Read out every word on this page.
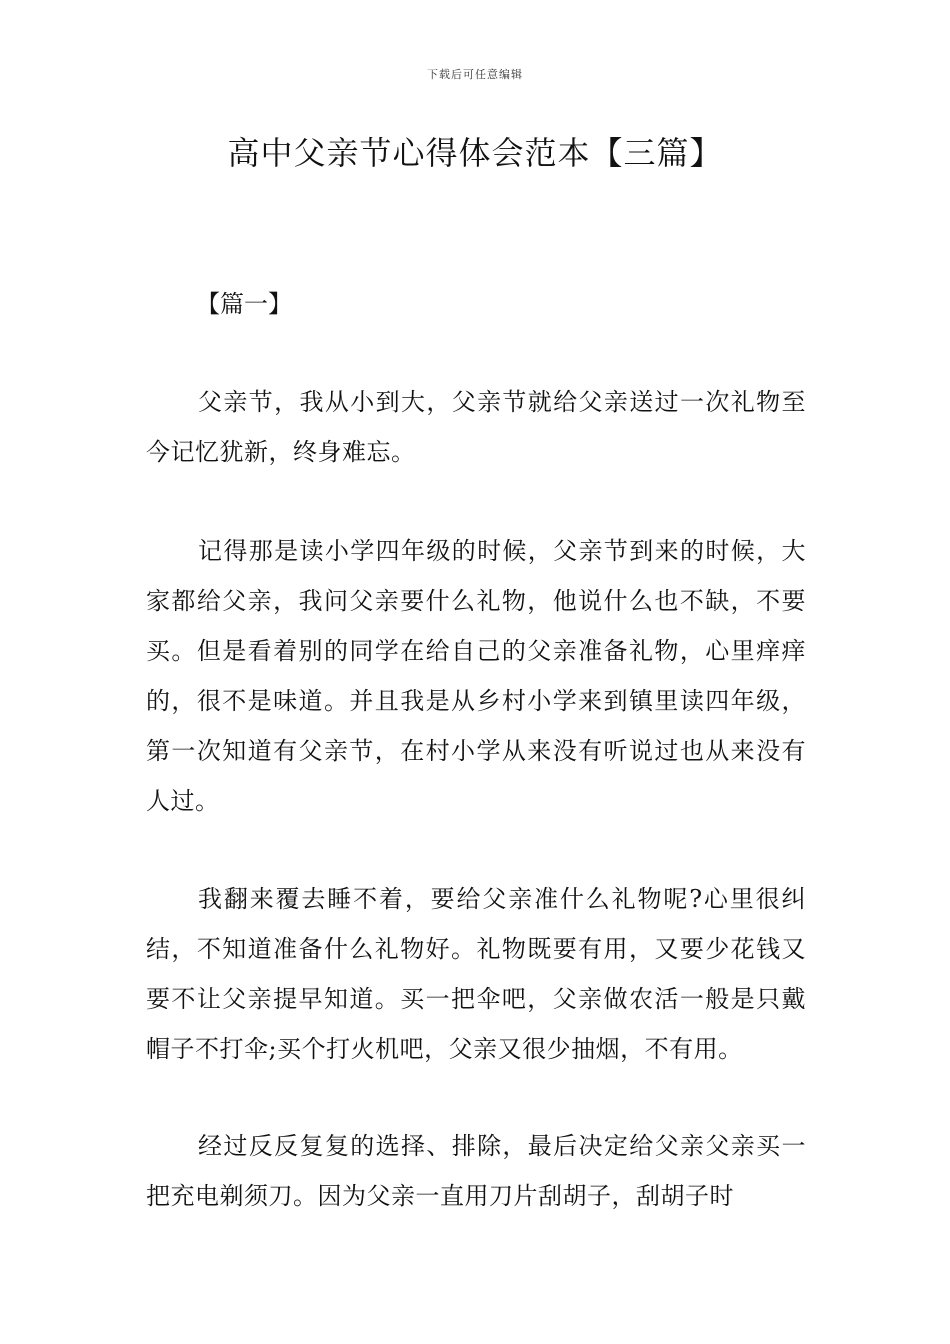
下载后可任意编辑
高中父亲节心得体会范本【三篇】

【篇一】

父亲节，我从小到大，父亲节就给父亲送过一次礼物至今记忆犹新，终身难忘。

记得那是读小学四年级的时候，父亲节到来的时候，大家都给父亲，我问父亲要什么礼物，他说什么也不缺，不要买。但是看着别的同学在给自己的父亲准备礼物，心里痒痒的，很不是味道。并且我是从乡村小学来到镇里读四年级，第一次知道有父亲节，在村小学从来没有听说过也从来没有人过。

我翻来覆去睡不着，要给父亲准什么礼物呢?心里很纠结，不知道准备什么礼物好。礼物既要有用，又要少花钱又要不让父亲提早知道。买一把伞吧，父亲做农活一般是只戴帽子不打伞;买个打火机吧，父亲又很少抽烟，不有用。

经过反反复复的选择、排除，最后决定给父亲父亲买一把充电剃须刀。因为父亲一直用刀片刮胡子，刮胡子时
